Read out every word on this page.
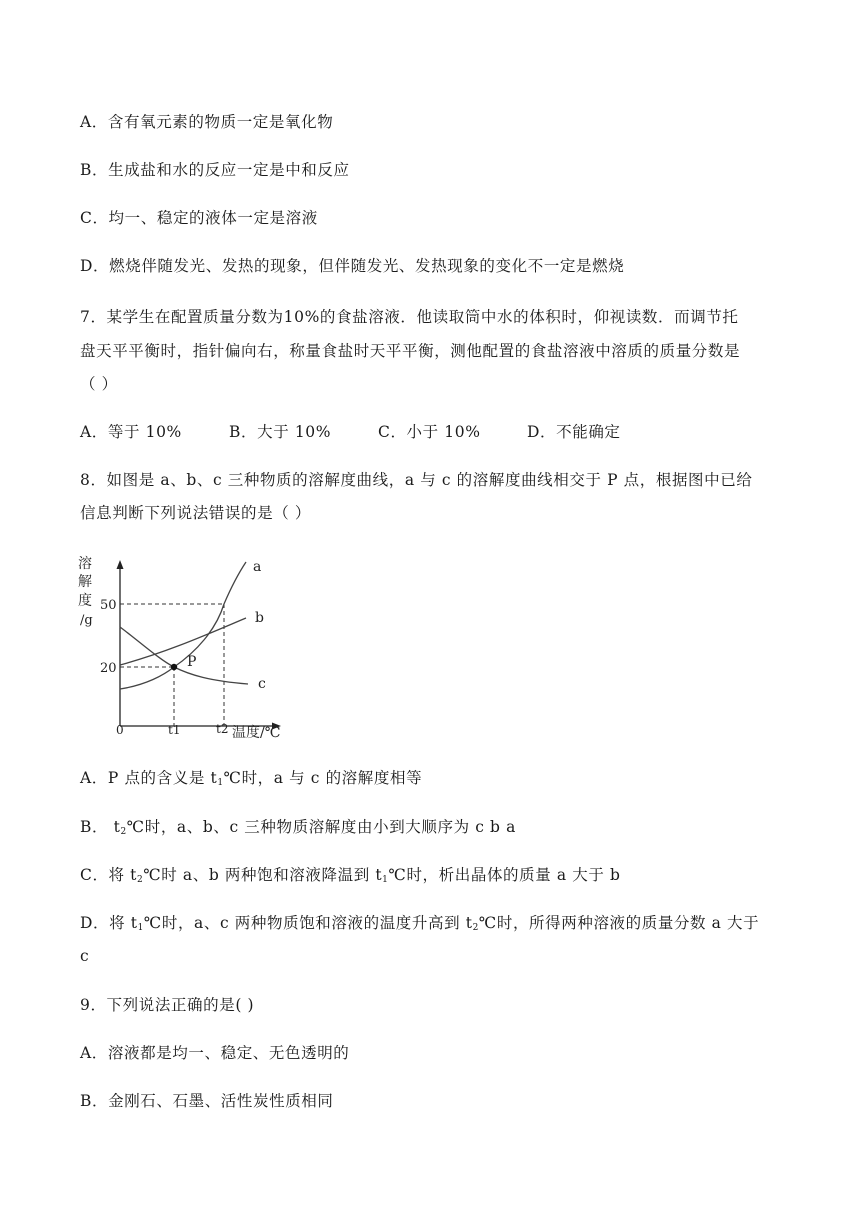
A．含有氧元素的物质一定是氧化物
B．生成盐和水的反应一定是中和反应
C．均一、稳定的液体一定是溶液
D．燃烧伴随发光、发热的现象，但伴随发光、发热现象的变化不一定是燃烧
7．某学生在配置质量分数为10%的食盐溶液．他读取筒中水的体积时，仰视读数．而调节托
盘天平平衡时，指针偏向右，称量食盐时天平平衡，测他配置的食盐溶液中溶质的质量分数是
（ ）
A．等于 10%	B．大于 10%	C．小于 10%	D．不能确定
8．如图是 a、b、c 三种物质的溶解度曲线，a 与 c 的溶解度曲线相交于 P 点，根据图中已给
信息判断下列说法错误的是（ ）
溶
解
度
/g
50
20
0	t1	t2 温度/℃
P
a
b
c
A．P 点的含义是 $t_1℃$时，a 与 c 的溶解度相等
B． $t_2℃$时，a、b、c 三种物质溶解度由小到大顺序为 c b a
C．将 $t_2℃$时 a、b 两种饱和溶液降温到 $t_1℃$时，析出晶体的质量 a 大于 b
D．将 $t_1℃$时，a、c 两种物质饱和溶液的温度升高到 $t_2℃$时，所得两种溶液的质量分数 a 大于
c
9．下列说法正确的是( )
A．溶液都是均一、稳定、无色透明的
B．金刚石、石墨、活性炭性质相同
